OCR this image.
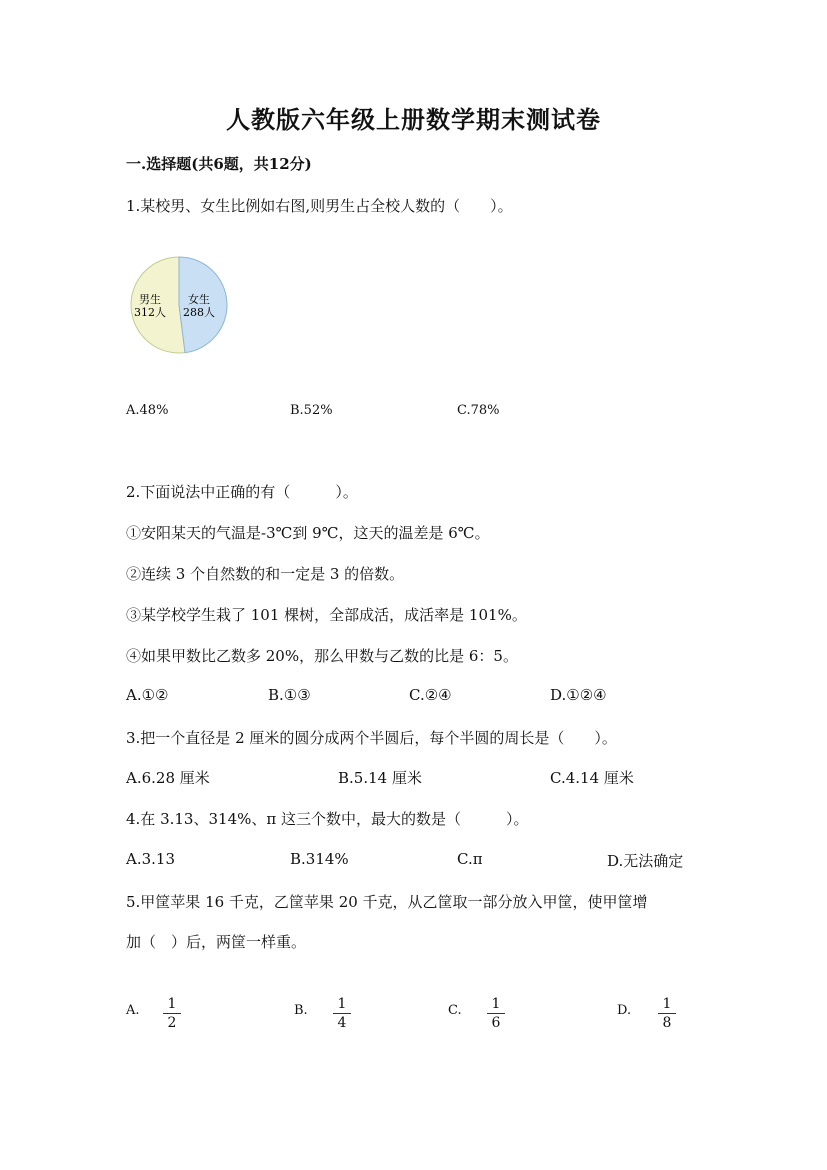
人教版六年级上册数学期末测试卷
一.选择题(共6题，共12分)
1.某校男、女生比例如右图,则男生占全校人数的（　　）。
男生
312人
女生
288人
A.48%	B.52%	C.78%
2.下面说法中正确的有（　　　）。
①安阳某天的气温是-3℃到 9℃，这天的温差是 6℃。
②连续 3 个自然数的和一定是 3 的倍数。
③某学校学生栽了 101 棵树，全部成活，成活率是 101%。
④如果甲数比乙数多 20%，那么甲数与乙数的比是 6：5。
A.①②	B.①③	C.②④	D.①②④
3.把一个直径是 2 厘米的圆分成两个半圆后，每个半圆的周长是（　　）。
A.6.28 厘米	B.5.14 厘米	C.4.14 厘米
4.在 3.13、314%、π 这三个数中，最大的数是（　　　）。
A.3.13	B.314%	C.π	D.无法确定
5.甲筐苹果 16 千克，乙筐苹果 20 千克，从乙筐取一部分放入甲筐，使甲筐增
加（　）后，两筐一样重。
A.	1
2
B.	1
4
C.	1
6
D.	1
8
